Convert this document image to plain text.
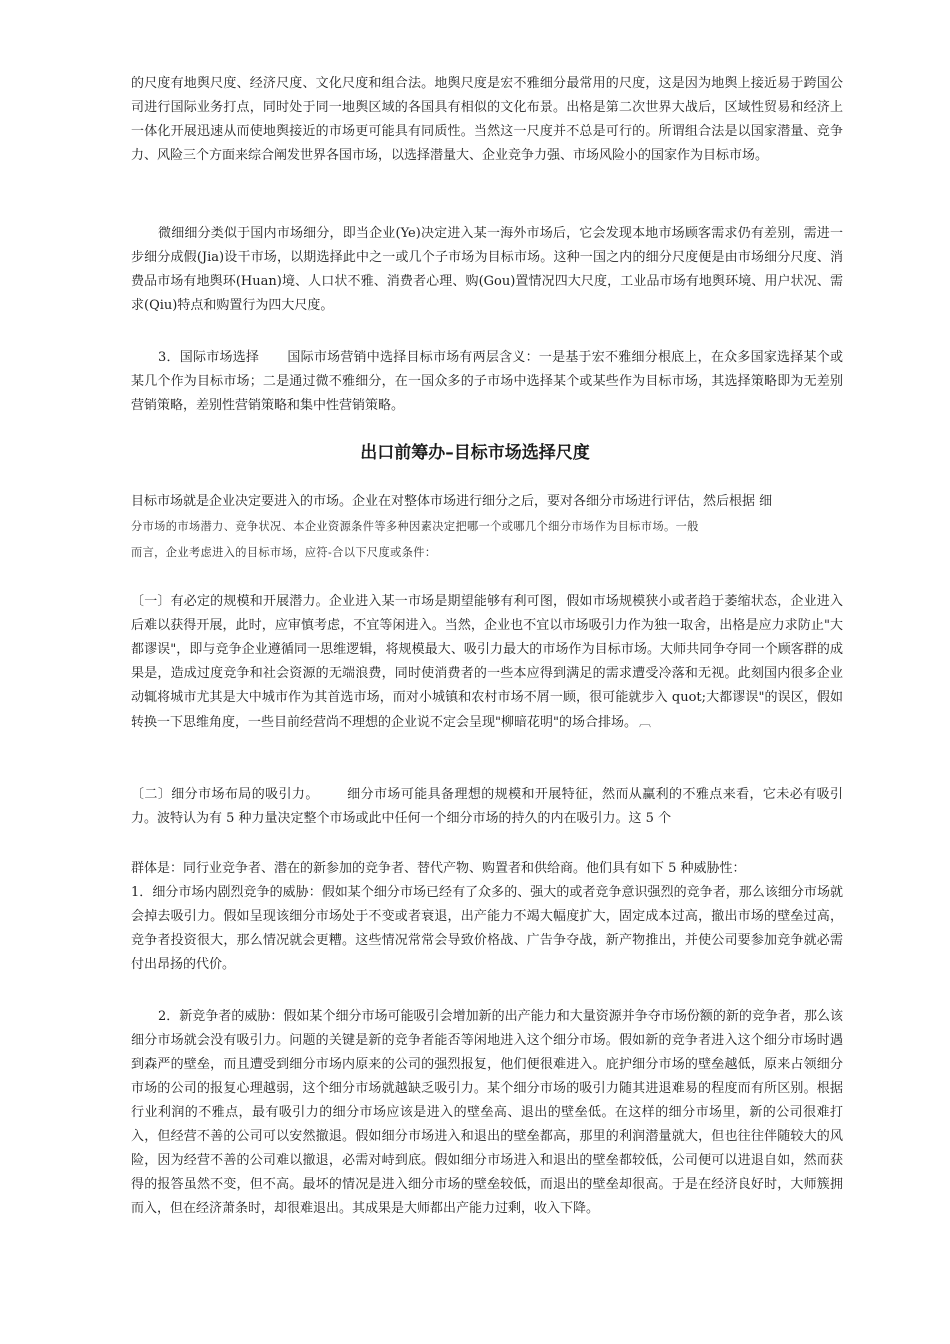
的尺度有地舆尺度、经济尺度、文化尺度和组合法。地舆尺度是宏不雅细分最常用的尺度，这是因为地舆上接近易于跨国公司进行国际业务打点，同时处于同一地舆区域的各国具有相似的文化布景。出格是第二次世界大战后，区域性贸易和经济上一体化开展迅速从而使地舆接近的市场更可能具有同质性。当然这一尺度并不总是可行的。所谓组合法是以国家潜量、竞争力、风险三个方面来综合阐发世界各国市场，以选择潜量大、企业竞争力强、市场风险小的国家作为目标市场。

微细细分类似于国内市场细分，即当企业(Ye)决定进入某一海外市场后，它会发现本地市场顾客需求仍有差别，需进一步细分成假(Jia)设干市场，以期选择此中之一或几个子市场为目标市场。这种一国之内的细分尺度便是由市场细分尺度、消费品市场有地舆环(Huan)境、人口状不雅、消费者心理、购(Gou)置情况四大尺度，工业品市场有地舆环境、用户状况、需求(Qiu)特点和购置行为四大尺度。

3．国际市场选择 国际市场营销中选择目标市场有两层含义：一是基于宏不雅细分根底上，在众多国家选择某个或某几个作为目标市场；二是通过微不雅细分，在一国众多的子市场中选择某个或某些作为目标市场，其选择策略即为无差别营销策略，差别性营销策略和集中性营销策略。

出口前筹办–目标市场选择尺度

目标市场就是企业决定要进入的市场。企业在对整体市场进行细分之后，要对各细分市场进行评估，然后根据 细

分市场的市场潜力、竞争状况、本企业资源条件等多种因素决定把哪一个或哪几个细分市场作为目标市场。一般

而言，企业考虑进入的目标市场，应符-合以下尺度或条件：

〔一〕有必定的规模和开展潜力。企业进入某一市场是期望能够有利可图，假如市场规模狭小或者趋于萎缩状态，企业进入后难以获得开展，此时，应审慎考虑，不宜等闲进入。当然，企业也不宜以市场吸引力作为独一取舍，出格是应力求防止"大都谬误"，即与竞争企业遵循同一思维逻辑，将规模最大、吸引力最大的市场作为目标市场。大师共同争夺同一个顾客群的成果是，造成过度竞争和社会资源的无端浪费，同时使消费者的一些本应得到满足的需求遭受冷落和无视。此刻国内很多企业动辄将城市尤其是大中城市作为其首选市场，而对小城镇和农村市场不屑一顾，很可能就步入 quot;大都谬误"的误区，假如转换一下思维角度，一些目前经营尚不理想的企业说不定会呈现"柳暗花明"的场合排场。 ︹

〔二〕细分市场布局的吸引力。 细分市场可能具备理想的规模和开展特征，然而从赢利的不雅点来看，它未必有吸引力。波特认为有 5 种力量决定整个市场或此中任何一个细分市场的持久的内在吸引力。这 5 个

群体是：同行业竞争者、潜在的新参加的竞争者、替代产物、购置者和供给商。他们具有如下 5 种威胁性：

1．细分市场内剧烈竞争的威胁：假如某个细分市场已经有了众多的、强大的或者竞争意识强烈的竞争者，那么该细分市场就会掉去吸引力。假如呈现该细分市场处于不变或者衰退，出产能力不竭大幅度扩大，固定成本过高，撤出市场的壁垒过高，竞争者投资很大，那么情况就会更糟。这些情况常常会导致价格战、广告争夺战，新产物推出，并使公司要参加竞争就必需付出昂扬的代价。

2．新竞争者的威胁：假如某个细分市场可能吸引会增加新的出产能力和大量资源并争夺市场份额的新的竞争者，那么该细分市场就会没有吸引力。问题的关键是新的竞争者能否等闲地进入这个细分市场。假如新的竞争者进入这个细分市场时遇到森严的壁垒，而且遭受到细分市场内原来的公司的强烈报复，他们便很难进入。庇护细分市场的壁垒越低，原来占领细分市场的公司的报复心理越弱，这个细分市场就越缺乏吸引力。某个细分市场的吸引力随其进退难易的程度而有所区别。根据 行业利润的不雅点，最有吸引力的细分市场应该是进入的壁垒高、退出的壁垒低。在这样的细分市场里，新的公司很难打入，但经营不善的公司可以安然撤退。假如细分市场进入和退出的壁垒都高，那里的利润潜量就大，但也往往伴随较大的风险，因为经营不善的公司难以撤退，必需对峙到底。假如细分市场进入和退出的壁垒都较低，公司便可以进退自如，然而获得的报答虽然不变，但不高。最坏的情况是进入细分市场的壁垒较低，而退出的壁垒却很高。于是在经济良好时，大师簇拥而入，但在经济萧条时，却很难退出。其成果是大师都出产能力过剩，收入下降。
